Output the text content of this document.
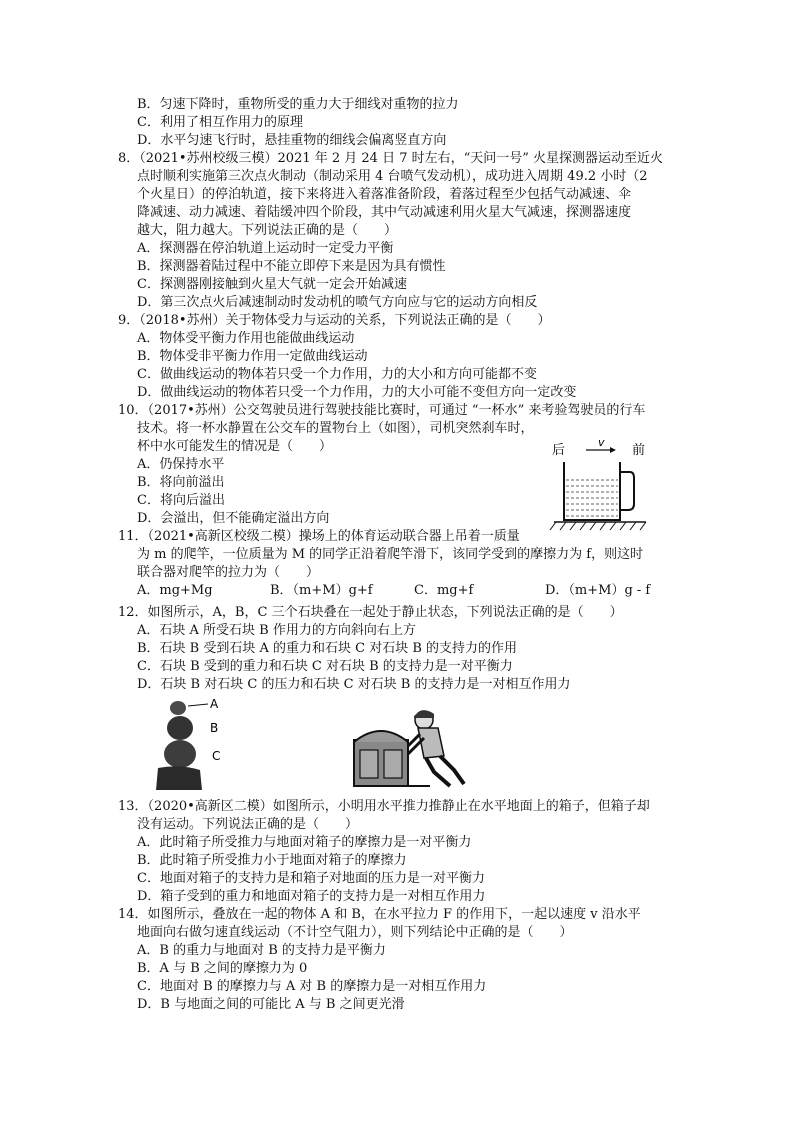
B．匀速下降时，重物所受的重力大于细线对重物的拉力
C．利用了相互作用力的原理
D．水平匀速飞行时，悬挂重物的细线会偏离竖直方向
8．（2021•苏州校级三模）2021 年 2 月 24 日 7 时左右，“天问一号” 火星探测器运动至近火
点时顺利实施第三次点火制动（制动采用 4 台喷气发动机），成功进入周期 49.2 小时（2
个火星日）的停泊轨道，接下来将进入着落准备阶段，着落过程至少包括气动减速、伞
降减速、动力减速、着陆缓冲四个阶段，其中气动减速利用火星大气减速，探测器速度
越大，阻力越大。下列说法正确的是（　　）
A．探测器在停泊轨道上运动时一定受力平衡
B．探测器着陆过程中不能立即停下来是因为具有惯性
C．探测器刚接触到火星大气就一定会开始减速
D．第三次点火后减速制动时发动机的喷气方向应与它的运动方向相反
9．（2018•苏州）关于物体受力与运动的关系，下列说法正确的是（　　）
A．物体受平衡力作用也能做曲线运动
B．物体受非平衡力作用一定做曲线运动
C．做曲线运动的物体若只受一个力作用，力的大小和方向可能都不变
D．做曲线运动的物体若只受一个力作用，力的大小可能不变但方向一定改变
10．（2017•苏州）公交驾驶员进行驾驶技能比赛时，可通过 “一杯水” 来考验驾驶员的行车
技术。将一杯水静置在公交车的置物台上（如图），司机突然刹车时，
杯中水可能发生的情况是（　　）
A．仍保持水平
B．将向前溢出
C．将向后溢出
D．会溢出，但不能确定溢出方向
后
v
前
11．（2021•高新区校级二模）操场上的体育运动联合器上吊着一质量
为 m 的爬竿，一位质量为 M 的同学正沿着爬竿滑下，该同学受到的摩擦力为 f，则这时
联合器对爬竿的拉力为（　　）
A．mg+Mg	B．（m+M）g+f	C．mg+f	D．（m+M）g - f
12．如图所示，A，B，C 三个石块叠在一起处于静止状态，下列说法正确的是（　　）
A．石块 A 所受石块 B 作用力的方向斜向右上方
B．石块 B 受到石块 A 的重力和石块 C 对石块 B 的支持力的作用
C．石块 B 受到的重力和石块 C 对石块 B 的支持力是一对平衡力
D．石块 B 对石块 C 的压力和石块 C 对石块 B 的支持力是一对相互作用力
A
B
C
13．（2020•高新区二模）如图所示，小明用水平推力推静止在水平地面上的箱子，但箱子却
没有运动。下列说法正确的是（　　）
A．此时箱子所受推力与地面对箱子的摩擦力是一对平衡力
B．此时箱子所受推力小于地面对箱子的摩擦力
C．地面对箱子的支持力是和箱子对地面的压力是一对平衡力
D．箱子受到的重力和地面对箱子的支持力是一对相互作用力
14．如图所示，叠放在一起的物体 A 和 B，在水平拉力 F 的作用下，一起以速度 v 沿水平
地面向右做匀速直线运动（不计空气阻力），则下列结论中正确的是（　　）
A．B 的重力与地面对 B 的支持力是平衡力
B．A 与 B 之间的摩擦力为 0
C．地面对 B 的摩擦力与 A 对 B 的摩擦力是一对相互作用力
D．B 与地面之间的可能比 A 与 B 之间更光滑
